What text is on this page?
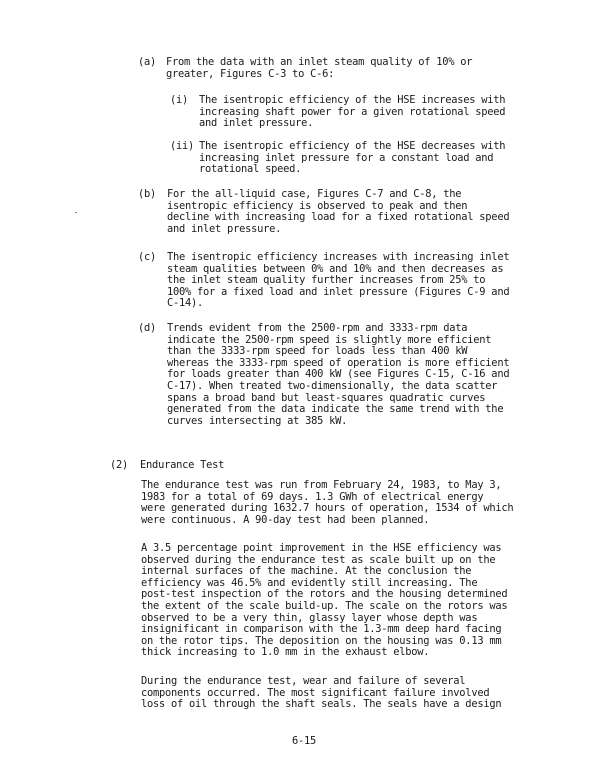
(a) From the data with an inlet steam quality of 10% or
greater, Figures C-3 to C-6:
(i) The isentropic efficiency of the HSE increases with
increasing shaft power for a given rotational speed
and inlet pressure.
(ii) The isentropic efficiency of the HSE decreases with
increasing inlet pressure for a constant load and
rotational speed.
(b) For the all-liquid case, Figures C-7 and C-8, the
isentropic efficiency is observed to peak and then
decline with increasing load for a fixed rotational speed
and inlet pressure.
(c) The isentropic efficiency increases with increasing inlet
steam qualities between 0% and 10% and then decreases as
the inlet steam quality further increases from 25% to
100% for a fixed load and inlet pressure (Figures C-9 and
C-14).
(d) Trends evident from the 2500-rpm and 3333-rpm data
indicate the 2500-rpm speed is slightly more efficient
than the 3333-rpm speed for loads less than 400 kW
whereas the 3333-rpm speed of operation is more efficient
for loads greater than 400 kW (see Figures C-15, C-16 and
C-17). When treated two-dimensionally, the data scatter
spans a broad band but least-squares quadratic curves
generated from the data indicate the same trend with the
curves intersecting at 385 kW.
(2) Endurance Test
The endurance test was run from February 24, 1983, to May 3,
1983 for a total of 69 days. 1.3 GWh of electrical energy
were generated during 1632.7 hours of operation, 1534 of which
were continuous. A 90-day test had been planned.
A 3.5 percentage point improvement in the HSE efficiency was
observed during the endurance test as scale built up on the
internal surfaces of the machine. At the conclusion the
efficiency was 46.5% and evidently still increasing. The
post-test inspection of the rotors and the housing determined
the extent of the scale build-up. The scale on the rotors was
observed to be a very thin, glassy layer whose depth was
insignificant in comparison with the 1.3-mm deep hard facing
on the rotor tips. The deposition on the housing was 0.13 mm
thick increasing to 1.0 mm in the exhaust elbow.
During the endurance test, wear and failure of several
components occurred. The most significant failure involved
loss of oil through the shaft seals. The seals have a design
6-15
